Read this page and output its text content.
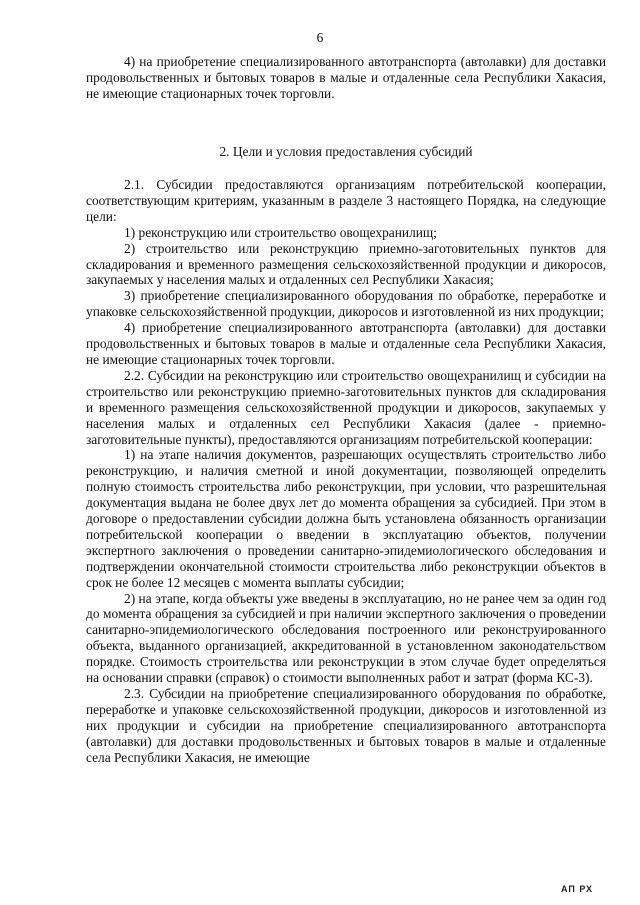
6

4) на приобретение специализированного автотранспорта (автолавки) для доставки продовольственных и бытовых товаров в малые и отдаленные села Республики Хакасия, не имеющие стационарных точек торговли.

2. Цели и условия предоставления субсидий

2.1. Субсидии предоставляются организациям потребительской кооперации, соответствующим критериям, указанным в разделе 3 настоящего Порядка, на следующие цели:

1) реконструкцию или строительство овощехранилищ;

2) строительство или реконструкцию приемно-заготовительных пунктов для складирования и временного размещения сельскохозяйственной продукции и дикоросов, закупаемых у населения малых и отдаленных сел Республики Хакасия;

3) приобретение специализированного оборудования по обработке, переработке и упаковке сельскохозяйственной продукции, дикоросов и изготовленной из них продукции;

4) приобретение специализированного автотранспорта (автолавки) для доставки продовольственных и бытовых товаров в малые и отдаленные села Республики Хакасия, не имеющие стационарных точек торговли.

2.2. Субсидии на реконструкцию или строительство овощехранилищ и субсидии на строительство или реконструкцию приемно-заготовительных пунктов для складирования и временного размещения сельскохозяйственной продукции и дикоросов, закупаемых у населения малых и отдаленных сел Республики Хакасия (далее - приемно-заготовительные пункты), предоставляются организациям потребительской кооперации:

1) на этапе наличия документов, разрешающих осуществлять строительство либо реконструкцию, и наличия сметной и иной документации, позволяющей определить полную стоимость строительства либо реконструкции, при условии, что разрешительная документация выдана не более двух лет до момента обращения за субсидией. При этом в договоре о предоставлении субсидии должна быть установлена обязанность организации потребительской кооперации о введении в эксплуатацию объектов, получении экспертного заключения о проведении санитарно-эпидемиологического обследования и подтверждении окончательной стоимости строительства либо реконструкции объектов в срок не более 12 месяцев с момента выплаты субсидии;

2) на этапе, когда объекты уже введены в эксплуатацию, но не ранее чем за один год до момента обращения за субсидией и при наличии экспертного заключения о проведении санитарно-эпидемиологического обследования построенного или реконструированного объекта, выданного организацией, аккредитованной в установленном законодательством порядке. Стоимость строительства или реконструкции в этом случае будет определяться на основании справки (справок) о стоимости выполненных работ и затрат (форма КС-3).

2.3. Субсидии на приобретение специализированного оборудования по обработке, переработке и упаковке сельскохозяйственной продукции, дикоросов и изготовленной из них продукции и субсидии на приобретение специализированного автотранспорта (автолавки) для доставки продовольственных и бытовых товаров в малые и отдаленные села Республики Хакасия, не имеющие

АП РХ
